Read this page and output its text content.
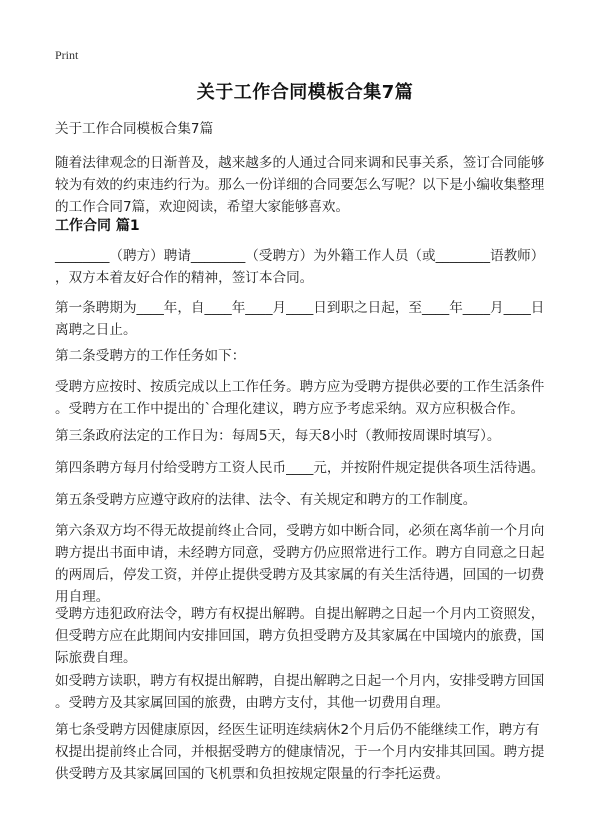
Print
关于工作合同模板合集7篇
关于工作合同模板合集7篇
随着法律观念的日渐普及，越来越多的人通过合同来调和民事关系，签订合同能够
较为有效的约束违约行为。那么一份详细的合同要怎么写呢？以下是小编收集整理
的工作合同7篇，欢迎阅读，希望大家能够喜欢。
工作合同 篇1
________（聘方）聘请________（受聘方）为外籍工作人员（或________语教师）
，双方本着友好合作的精神，签订本合同。
第一条聘期为____年，自____年____月____日到职之日起，至____年____月____日
离聘之日止。
第二条受聘方的工作任务如下：
受聘方应按时、按质完成以上工作任务。聘方应为受聘方提供必要的工作生活条件
。受聘方在工作中提出的`合理化建议，聘方应予考虑采纳。双方应积极合作。
第三条政府法定的工作日为：每周5天，每天8小时（教师按周课时填写）。
第四条聘方每月付给受聘方工资人民币____元，并按附件规定提供各项生活待遇。
第五条受聘方应遵守政府的法律、法令、有关规定和聘方的工作制度。
第六条双方均不得无故提前终止合同，受聘方如中断合同，必须在离华前一个月向
聘方提出书面申请，未经聘方同意，受聘方仍应照常进行工作。聘方自同意之日起
的两周后，停发工资，并停止提供受聘方及其家属的有关生活待遇，回国的一切费
用自理。
受聘方违犯政府法令，聘方有权提出解聘。自提出解聘之日起一个月内工资照发，
但受聘方应在此期间内安排回国，聘方负担受聘方及其家属在中国境内的旅费，国
际旅费自理。
如受聘方读职，聘方有权提出解聘，自提出解聘之日起一个月内，安排受聘方回国
。受聘方及其家属回国的旅费，由聘方支付，其他一切费用自理。
第七条受聘方因健康原因，经医生证明连续病休2个月后仍不能继续工作，聘方有
权提出提前终止合同，并根据受聘方的健康情况，于一个月内安排其回国。聘方提
供受聘方及其家属回国的飞机票和负担按规定限量的行李托运费。
